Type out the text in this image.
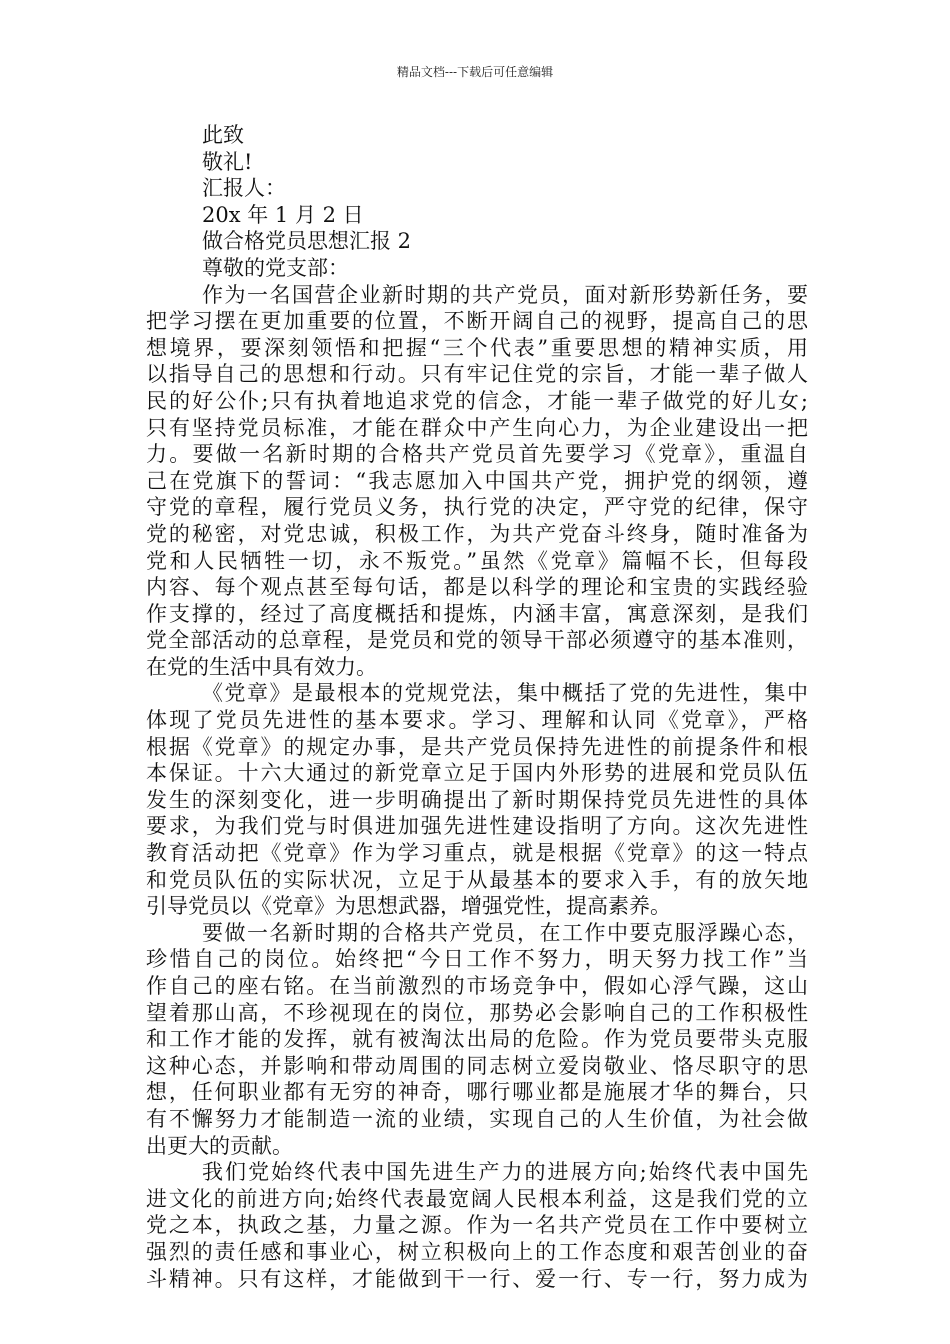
精品文档---下载后可任意编辑
此致
敬礼!
汇报人：
20x 年 1 月 2 日
做合格党员思想汇报 2
尊敬的党支部：
作为一名国营企业新时期的共产党员，面对新形势新任务，要
把学习摆在更加重要的位置，不断开阔自己的视野，提高自己的思
想境界，要深刻领悟和把握“三个代表”重要思想的精神实质，用
以指导自己的思想和行动。只有牢记住党的宗旨，才能一辈子做人
民的好公仆;只有执着地追求党的信念，才能一辈子做党的好儿女;
只有坚持党员标准，才能在群众中产生向心力，为企业建设出一把
力。要做一名新时期的合格共产党员首先要学习《党章》，重温自
己在党旗下的誓词：“我志愿加入中国共产党，拥护党的纲领，遵
守党的章程，履行党员义务，执行党的决定，严守党的纪律，保守
党的秘密，对党忠诚，积极工作，为共产党奋斗终身，随时准备为
党和人民牺牲一切，永不叛党。”虽然《党章》篇幅不长，但每段
内容、每个观点甚至每句话，都是以科学的理论和宝贵的实践经验
作支撑的，经过了高度概括和提炼，内涵丰富，寓意深刻，是我们
党全部活动的总章程，是党员和党的领导干部必须遵守的基本准则，
在党的生活中具有效力。
《党章》是最根本的党规党法，集中概括了党的先进性，集中
体现了党员先进性的基本要求。学习、理解和认同《党章》，严格
根据《党章》的规定办事，是共产党员保持先进性的前提条件和根
本保证。十六大通过的新党章立足于国内外形势的进展和党员队伍
发生的深刻变化，进一步明确提出了新时期保持党员先进性的具体
要求，为我们党与时俱进加强先进性建设指明了方向。这次先进性
教育活动把《党章》作为学习重点，就是根据《党章》的这一特点
和党员队伍的实际状况，立足于从最基本的要求入手，有的放矢地
引导党员以《党章》为思想武器，增强党性，提高素养。
要做一名新时期的合格共产党员，在工作中要克服浮躁心态，
珍惜自己的岗位。始终把“今日工作不努力，明天努力找工作”当
作自己的座右铭。在当前激烈的市场竞争中，假如心浮气躁，这山
望着那山高，不珍视现在的岗位，那势必会影响自己的工作积极性
和工作才能的发挥，就有被淘汰出局的危险。作为党员要带头克服
这种心态，并影响和带动周围的同志树立爱岗敬业、恪尽职守的思
想，任何职业都有无穷的神奇，哪行哪业都是施展才华的舞台，只
有不懈努力才能制造一流的业绩，实现自己的人生价值，为社会做
出更大的贡献。
我们党始终代表中国先进生产力的进展方向;始终代表中国先
进文化的前进方向;始终代表最宽阔人民根本利益，这是我们党的立
党之本，执政之基，力量之源。作为一名共产党员在工作中要树立
强烈的责任感和事业心，树立积极向上的工作态度和艰苦创业的奋
斗精神。只有这样，才能做到干一行、爱一行、专一行，努力成为
